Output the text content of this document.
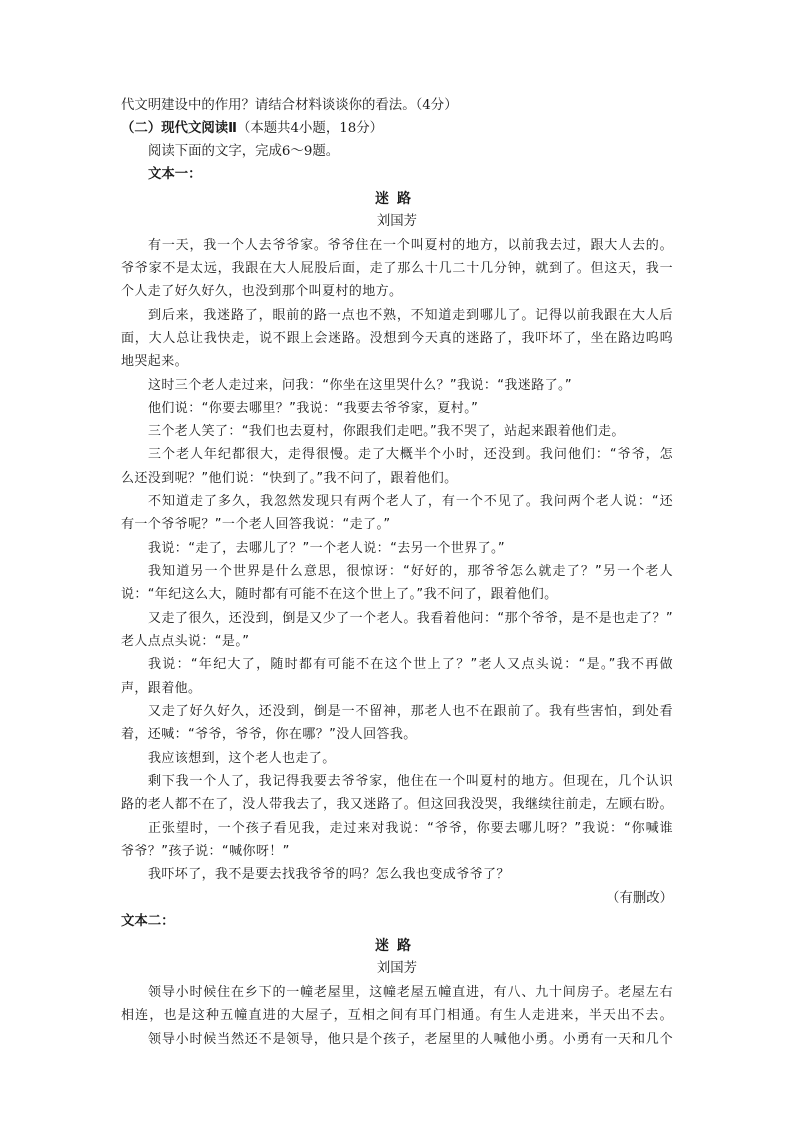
代文明建设中的作用？请结合材料谈谈你的看法。（4分）
（二）现代文阅读Ⅱ（本题共4小题，18分）
阅读下面的文字，完成6～9题。
文本一：
迷路
刘国芳
有一天，我一个人去爷爷家。爷爷住在一个叫夏村的地方，以前我去过，跟大人去的。
爷爷家不是太远，我跟在大人屁股后面，走了那么十几二十几分钟，就到了。但这天，我一
个人走了好久好久，也没到那个叫夏村的地方。
到后来，我迷路了，眼前的路一点也不熟，不知道走到哪儿了。记得以前我跟在大人后
面，大人总让我快走，说不跟上会迷路。没想到今天真的迷路了，我吓坏了，坐在路边呜呜
地哭起来。
这时三个老人走过来，问我：“你坐在这里哭什么？”我说：“我迷路了。”
他们说：“你要去哪里？”我说：“我要去爷爷家，夏村。”
三个老人笑了：“我们也去夏村，你跟我们走吧。”我不哭了，站起来跟着他们走。
三个老人年纪都很大，走得很慢。走了大概半个小时，还没到。我问他们：“爷爷，怎
么还没到呢？”他们说：“快到了。”我不问了，跟着他们。
不知道走了多久，我忽然发现只有两个老人了，有一个不见了。我问两个老人说：“还
有一个爷爷呢？”一个老人回答我说：“走了。”
我说：“走了，去哪儿了？”一个老人说：“去另一个世界了。”
我知道另一个世界是什么意思，很惊讶：“好好的，那爷爷怎么就走了？”另一个老人
说：“年纪这么大，随时都有可能不在这个世上了。”我不问了，跟着他们。
又走了很久，还没到，倒是又少了一个老人。我看着他问：“那个爷爷，是不是也走了？”
老人点点头说：“是。”
我说：“年纪大了，随时都有可能不在这个世上了？”老人又点头说：“是。”我不再做
声，跟着他。
又走了好久好久，还没到，倒是一不留神，那老人也不在跟前了。我有些害怕，到处看
着，还喊：“爷爷，爷爷，你在哪？”没人回答我。
我应该想到，这个老人也走了。
剩下我一个人了，我记得我要去爷爷家，他住在一个叫夏村的地方。但现在，几个认识
路的老人都不在了，没人带我去了，我又迷路了。但这回我没哭，我继续往前走，左顾右盼。
正张望时，一个孩子看见我，走过来对我说：“爷爷，你要去哪儿呀？”我说：“你喊谁
爷爷？”孩子说：“喊你呀！”
我吓坏了，我不是要去找我爷爷的吗？怎么我也变成爷爷了？
（有删改）
文本二：
迷路
刘国芳
领导小时候住在乡下的一幢老屋里，这幢老屋五幢直进，有八、九十间房子。老屋左右
相连，也是这种五幢直进的大屋子，互相之间有耳门相通。有生人走进来，半天出不去。
领导小时候当然还不是领导，他只是个孩子，老屋里的人喊他小勇。小勇有一天和几个
